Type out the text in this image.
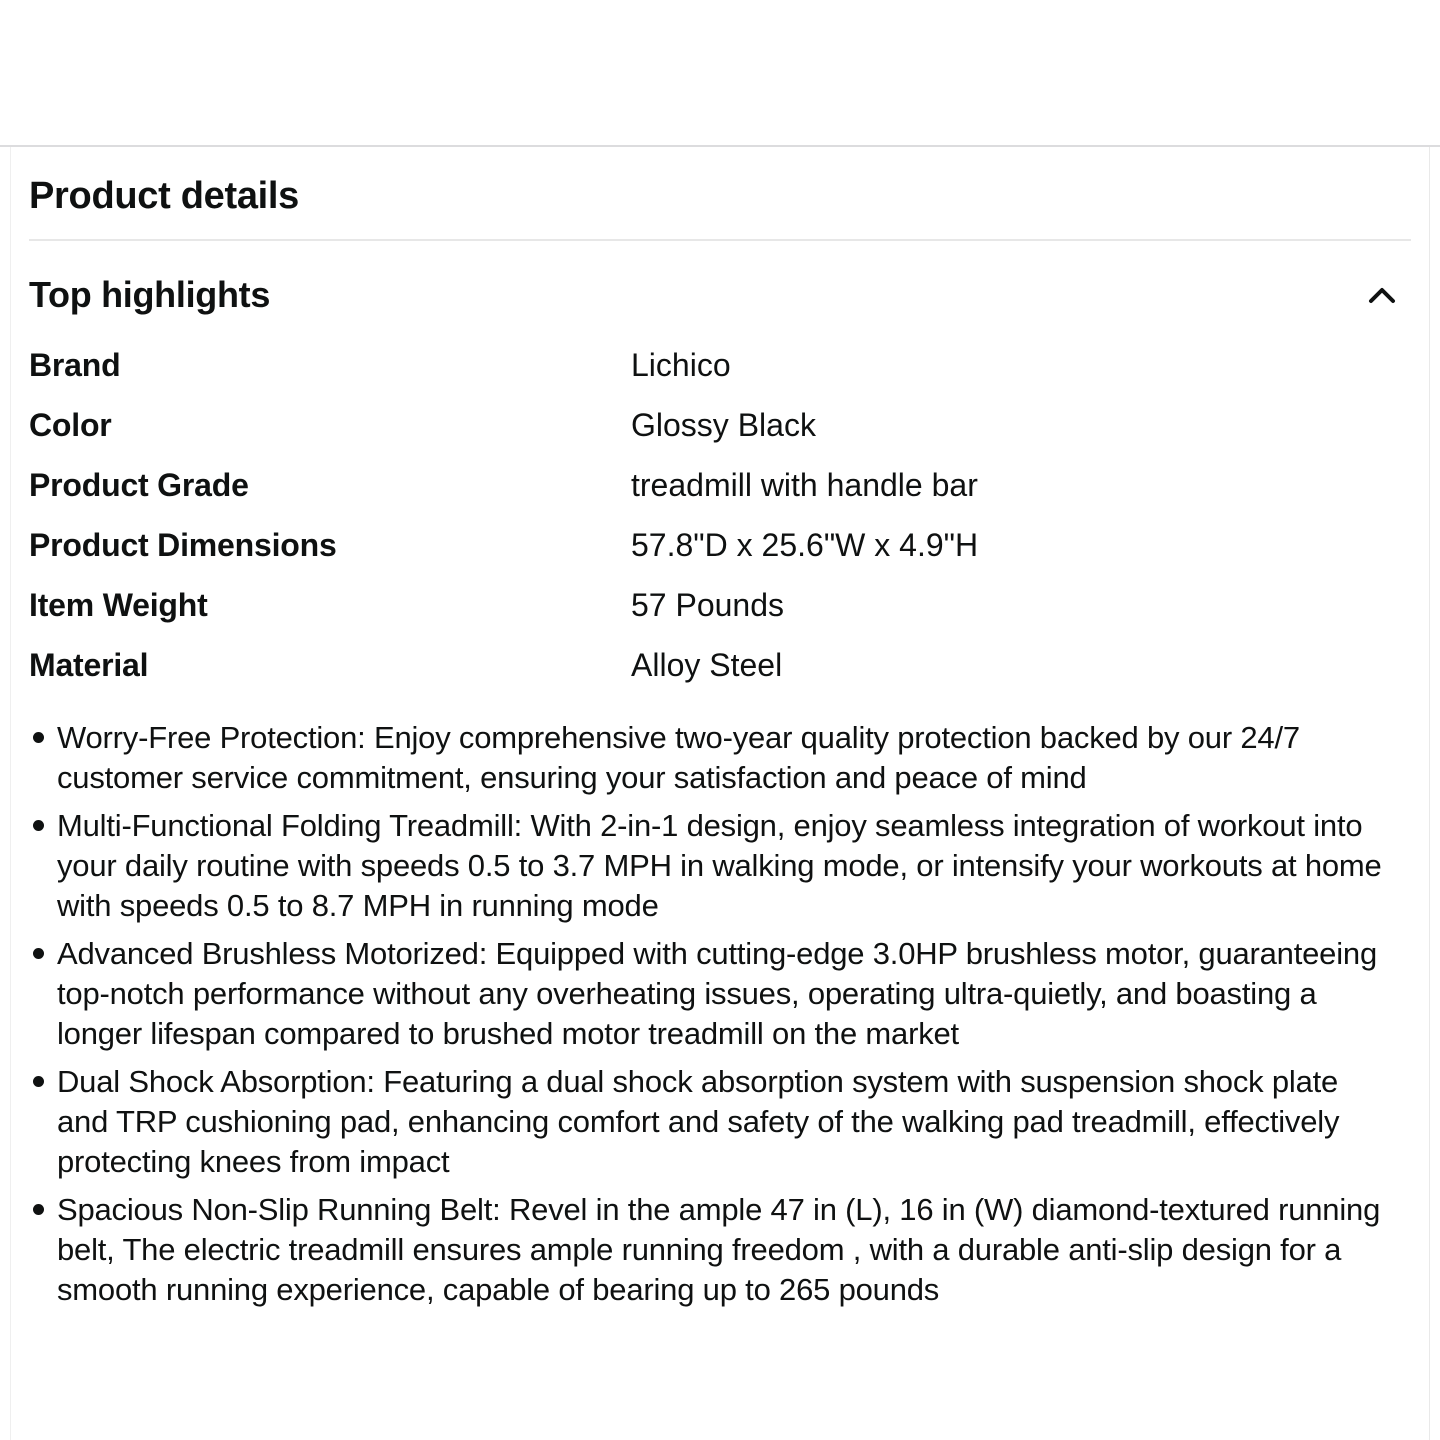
Product details
Top highlights
Brand	Lichico
Color	Glossy Black
Product Grade	treadmill with handle bar
Product Dimensions	57.8"D x 25.6"W x 4.9"H
Item Weight	57 Pounds
Material	Alloy Steel
Worry-Free Protection: Enjoy comprehensive two-year quality protection backed by our 24/7 customer service commitment, ensuring your satisfaction and peace of mind
Multi-Functional Folding Treadmill: With 2-in-1 design, enjoy seamless integration of workout into your daily routine with speeds 0.5 to 3.7 MPH in walking mode, or intensify your workouts at home with speeds 0.5 to 8.7 MPH in running mode
Advanced Brushless Motorized: Equipped with cutting-edge 3.0HP brushless motor, guaranteeing top-notch performance without any overheating issues, operating ultra-quietly, and boasting a longer lifespan compared to brushed motor treadmill on the market
Dual Shock Absorption: Featuring a dual shock absorption system with suspension shock plate and TRP cushioning pad, enhancing comfort and safety of the walking pad treadmill, effectively protecting knees from impact
Spacious Non-Slip Running Belt: Revel in the ample 47 in (L), 16 in (W) diamond-textured running belt, The electric treadmill ensures ample running freedom , with a durable anti-slip design for a smooth running experience, capable of bearing up to 265 pounds
